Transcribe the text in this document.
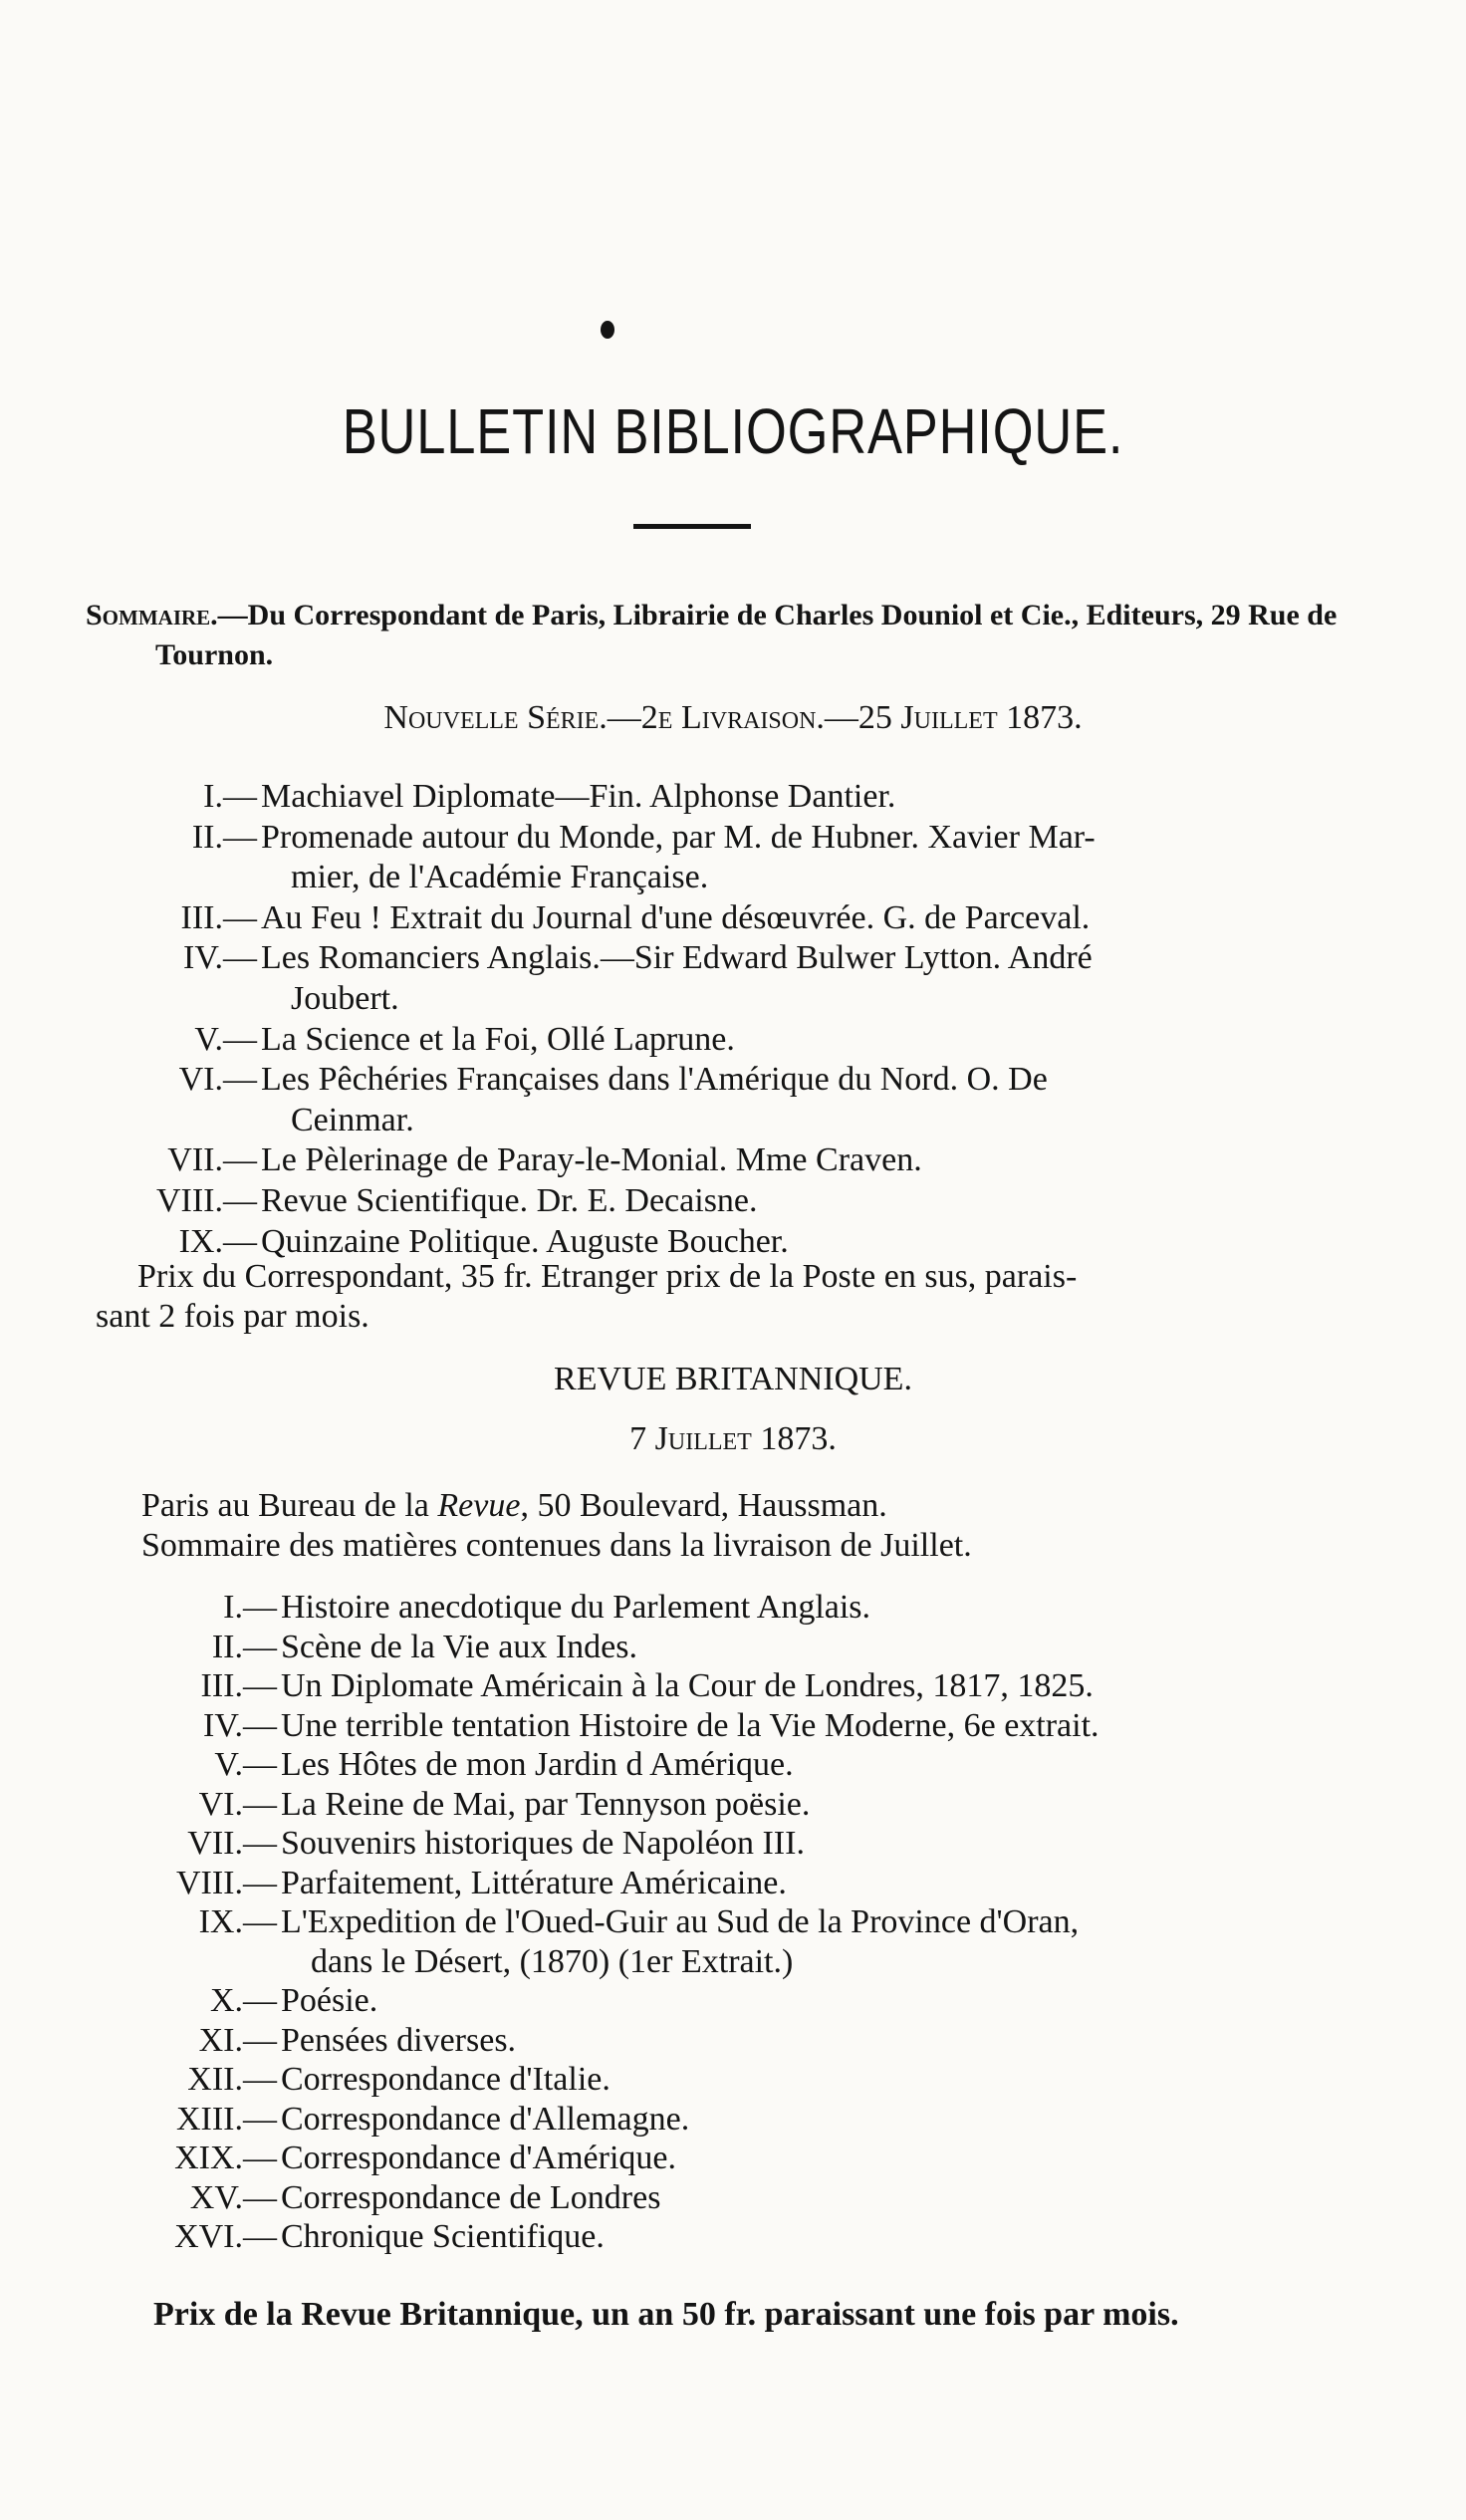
BULLETIN BIBLIOGRAPHIQUE.
Sommaire.—Du Correspondant de Paris, Librairie de Charles Douniol et Cie., Editeurs, 29 Rue de Tournon.
Nouvelle Série.—2e Livraison.—25 Juillet 1873.
I.— Machiavel Diplomate—Fin. Alphonse Dantier.
II.— Promenade autour du Monde, par M. de Hubner. Xavier Mar-
mier, de l'Académie Française.
III.— Au Feu ! Extrait du Journal d'une désœuvrée. G. de Parceval.
IV.— Les Romanciers Anglais.—Sir Edward Bulwer Lytton. André
Joubert.
V.— La Science et la Foi, Ollé Laprune.
VI.— Les Pêchéries Françaises dans l'Amérique du Nord. O. De
Ceinmar.
VII.— Le Pèlerinage de Paray-le-Monial. Mme Craven.
VIII.— Revue Scientifique. Dr. E. Decaisne.
IX.— Quinzaine Politique. Auguste Boucher.
Prix du Correspondant, 35 fr. Etranger prix de la Poste en sus, parais-
sant 2 fois par mois.
REVUE BRITANNIQUE.
7 Juillet 1873.
Paris au Bureau de la Revue, 50 Boulevard, Haussman.
Sommaire des matières contenues dans la livraison de Juillet.
I.— Histoire anecdotique du Parlement Anglais.
II.— Scène de la Vie aux Indes.
III.— Un Diplomate Américain à la Cour de Londres, 1817, 1825.
IV.— Une terrible tentation Histoire de la Vie Moderne, 6e extrait.
V.— Les Hôtes de mon Jardin d Amérique.
VI.— La Reine de Mai, par Tennyson poësie.
VII.— Souvenirs historiques de Napoléon III.
VIII.— Parfaitement, Littérature Américaine.
IX.— L'Expedition de l'Oued-Guir au Sud de la Province d'Oran,
dans le Désert, (1870) (1er Extrait.)
X.— Poésie.
XI.— Pensées diverses.
XII.— Correspondance d'Italie.
XIII.— Correspondance d'Allemagne.
XIX.— Correspondance d'Amérique.
XV.— Correspondance de Londres
XVI.— Chronique Scientifique.
Prix de la Revue Britannique, un an 50 fr. paraissant une fois par mois.
